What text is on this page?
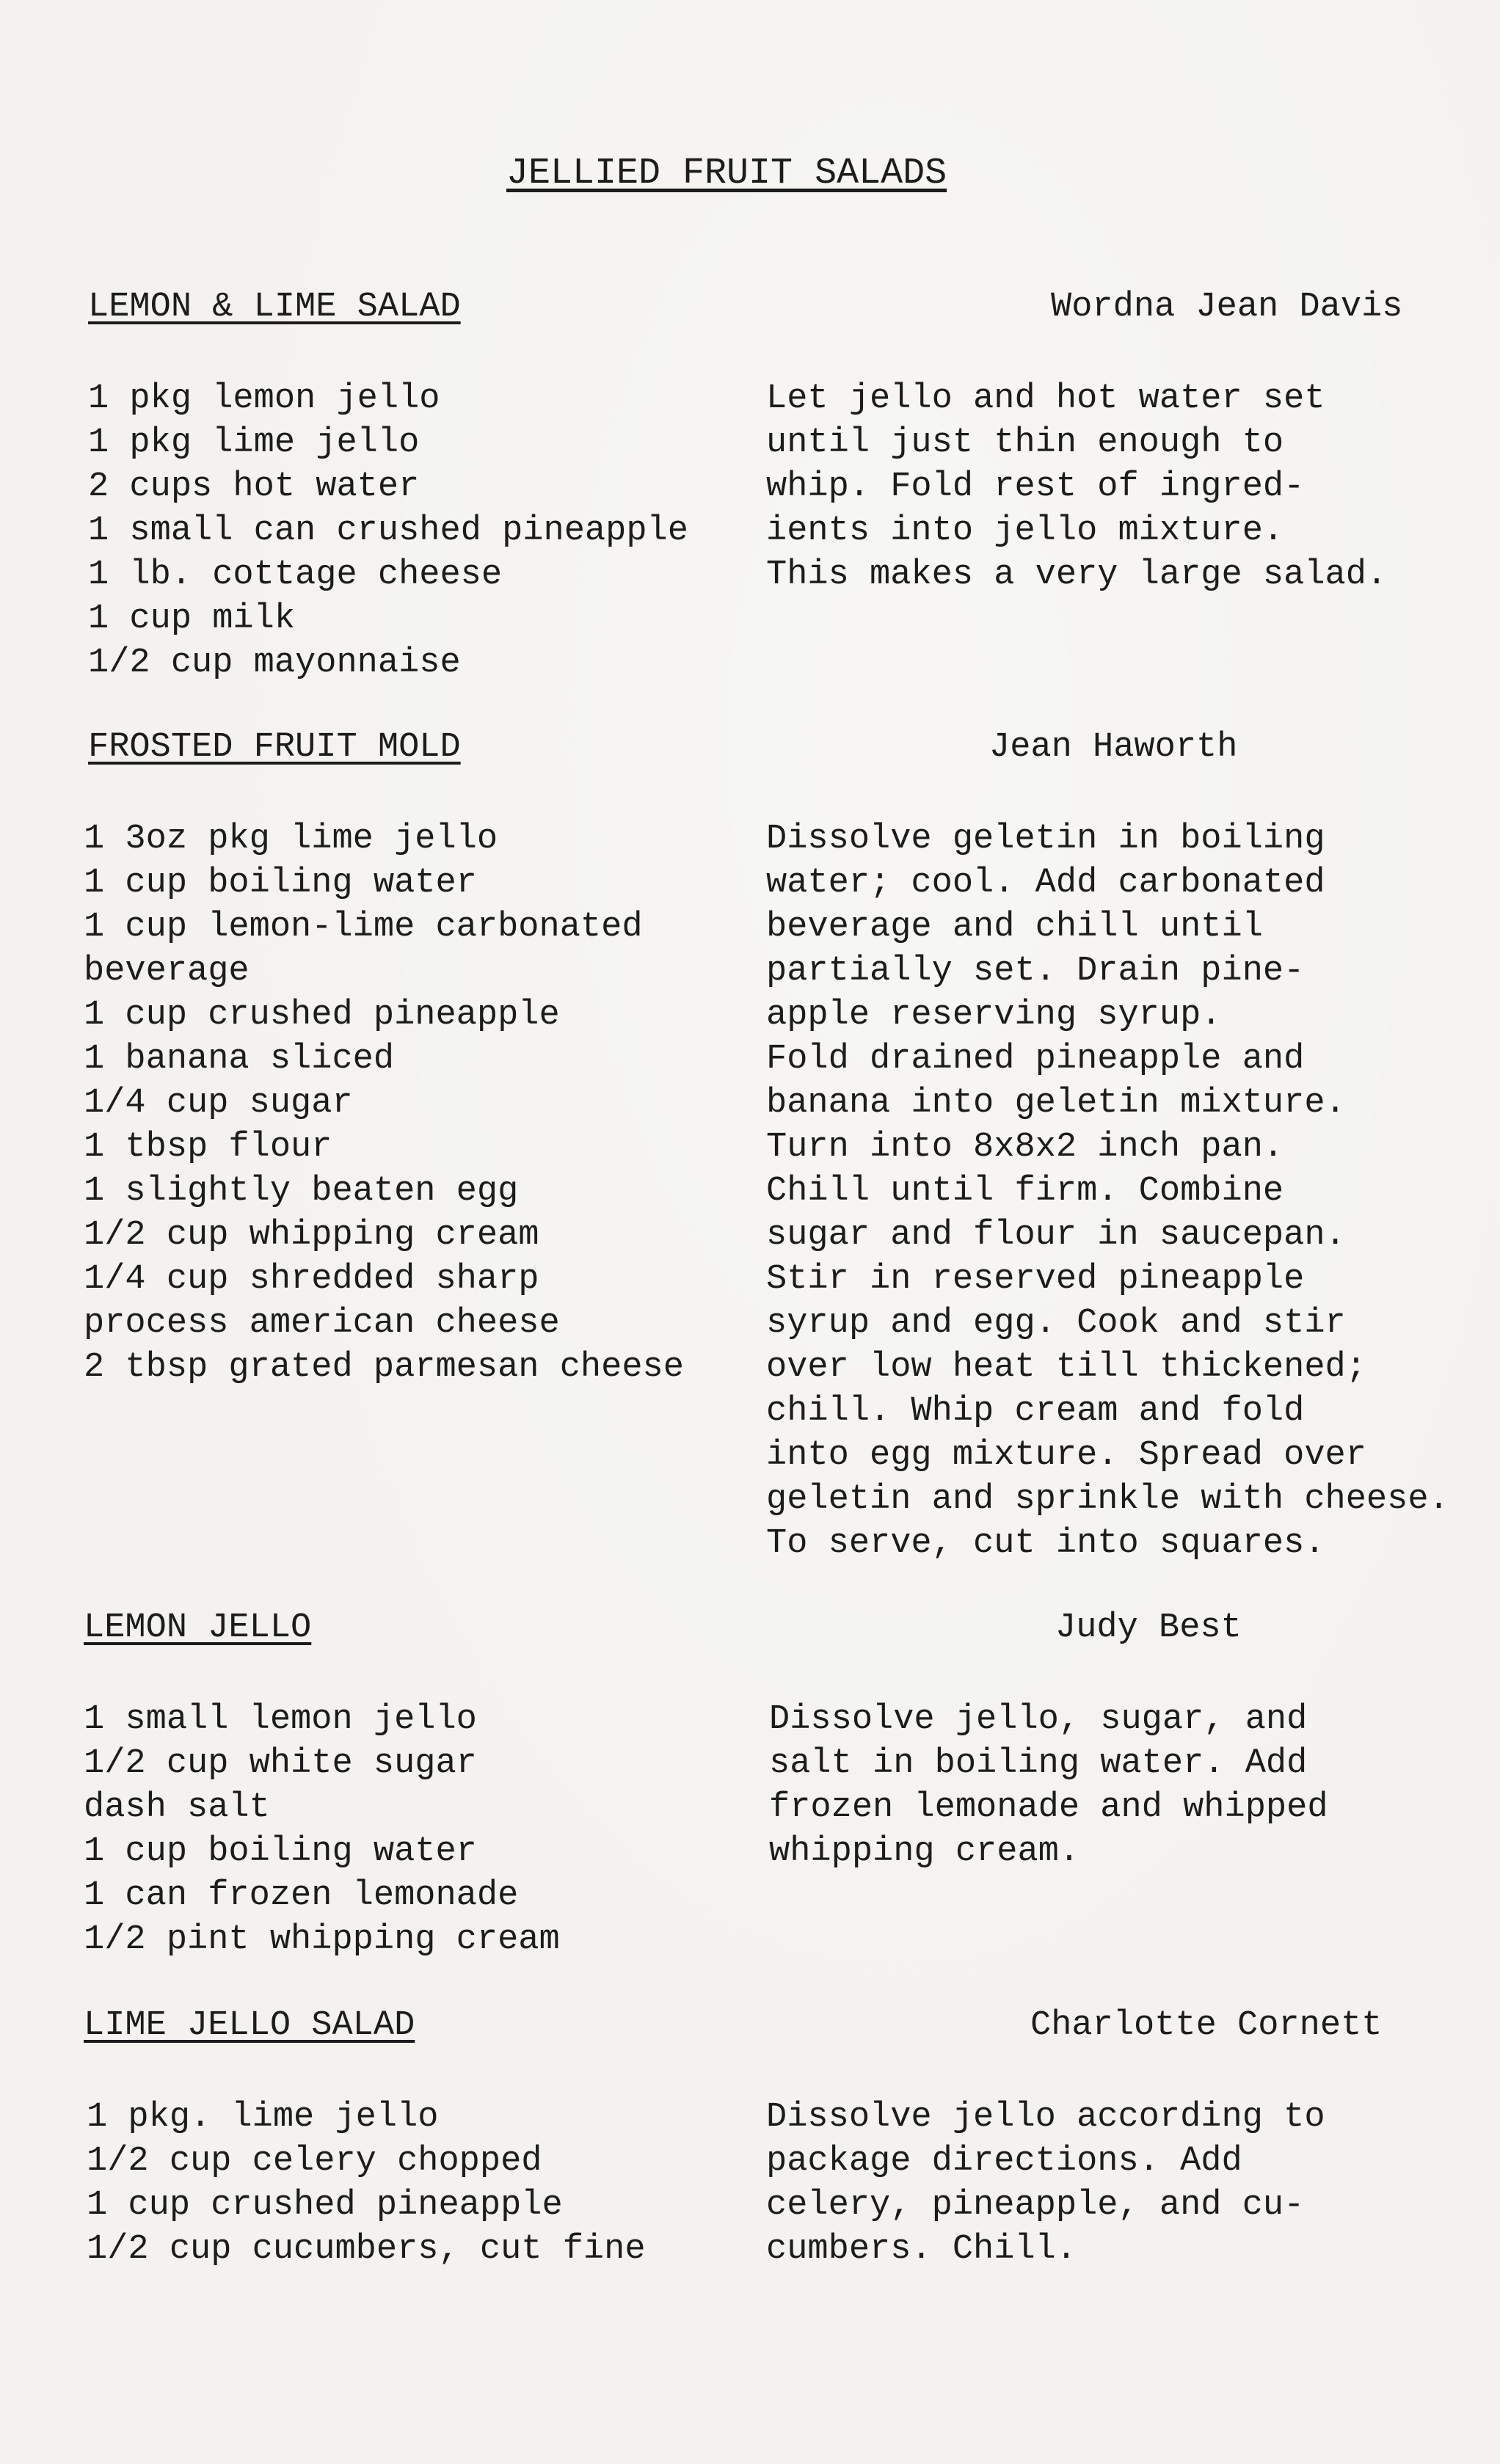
JELLIED FRUIT SALADS
LEMON & LIME SALAD	Wordna Jean Davis
1 pkg lemon jello
1 pkg lime jello
2 cups hot water
1 small can crushed pineapple
1 lb. cottage cheese
1 cup milk
1/2 cup mayonnaise
Let jello and hot water set
until just thin enough to
whip. Fold rest of ingred-
ients into jello mixture.
This makes a very large salad.
FROSTED FRUIT MOLD	Jean Haworth
1 3oz pkg lime jello
1 cup boiling water
1 cup lemon-lime carbonated
beverage
1 cup crushed pineapple
1 banana sliced
1/4 cup sugar
1 tbsp flour
1 slightly beaten egg
1/2 cup whipping cream
1/4 cup shredded sharp
process american cheese
2 tbsp grated parmesan cheese
Dissolve geletin in boiling
water; cool. Add carbonated
beverage and chill until
partially set. Drain pine-
apple reserving syrup.
Fold drained pineapple and
banana into geletin mixture.
Turn into 8x8x2 inch pan.
Chill until firm. Combine
sugar and flour in saucepan.
Stir in reserved pineapple
syrup and egg. Cook and stir
over low heat till thickened;
chill. Whip cream and fold
into egg mixture. Spread over
geletin and sprinkle with cheese.
To serve, cut into squares.
LEMON JELLO	Judy Best
1 small lemon jello
1/2 cup white sugar
dash salt
1 cup boiling water
1 can frozen lemonade
1/2 pint whipping cream
Dissolve jello, sugar, and
salt in boiling water. Add
frozen lemonade and whipped
whipping cream.
LIME JELLO SALAD	Charlotte Cornett
1 pkg. lime jello
1/2 cup celery chopped
1 cup crushed pineapple
1/2 cup cucumbers, cut fine
Dissolve jello according to
package directions. Add
celery, pineapple, and cu-
cumbers. Chill.
